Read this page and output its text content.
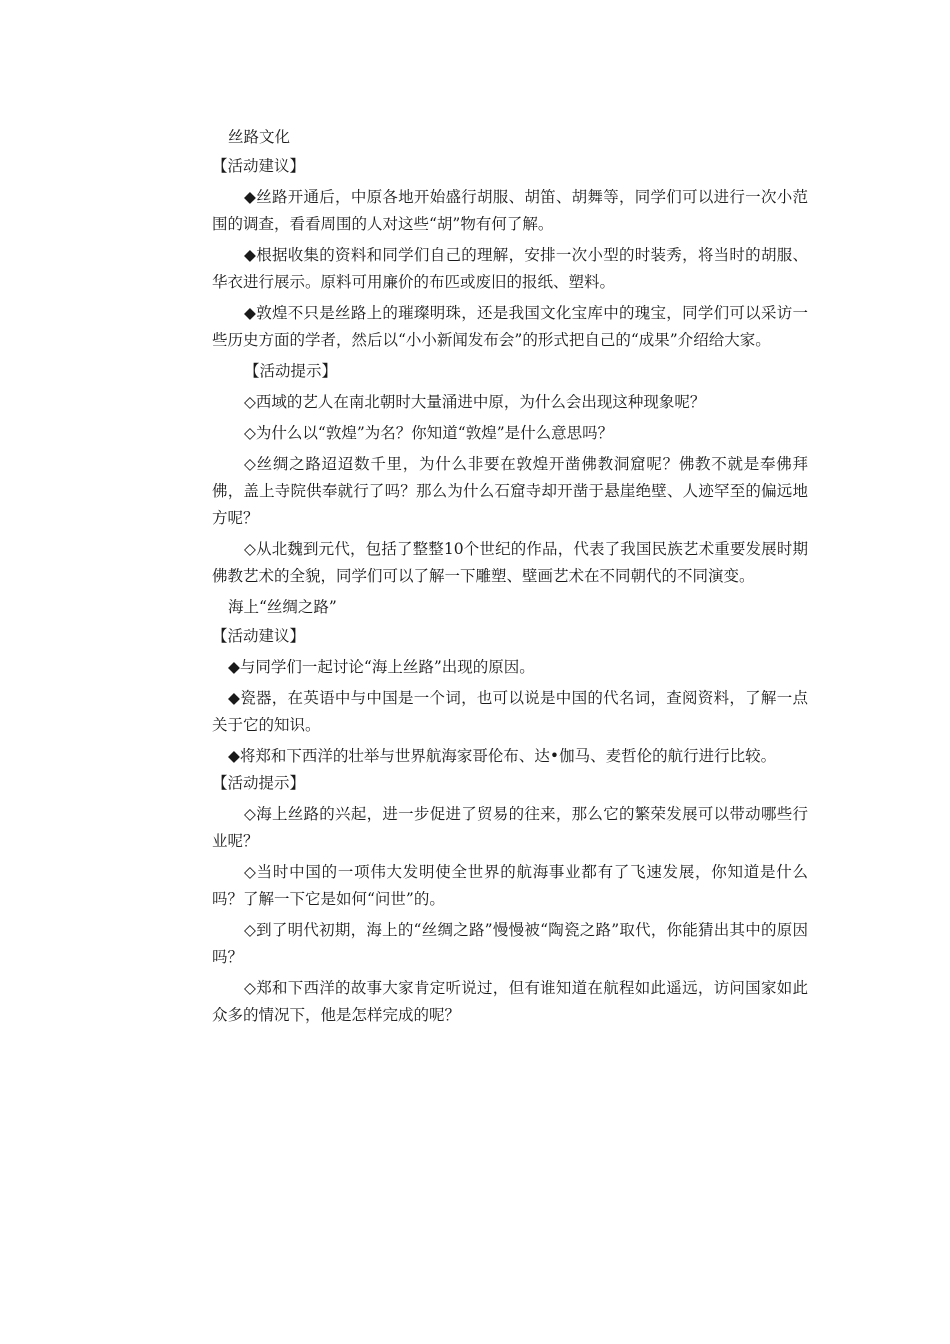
丝路文化

【活动建议】

◆丝路开通后，中原各地开始盛行胡服、胡笛、胡舞等，同学们可以进行一次小范围的调查，看看周围的人对这些“胡”物有何了解。

◆根据收集的资料和同学们自己的理解，安排一次小型的时装秀，将当时的胡服、华衣进行展示。原料可用廉价的布匹或废旧的报纸、塑料。

◆敦煌不只是丝路上的璀璨明珠，还是我国文化宝库中的瑰宝，同学们可以采访一些历史方面的学者，然后以“小小新闻发布会”的形式把自己的“成果”介绍给大家。

【活动提示】

◇西域的艺人在南北朝时大量涌进中原，为什么会出现这种现象呢？

◇为什么以“敦煌”为名？你知道“敦煌”是什么意思吗？

◇丝绸之路迢迢数千里，为什么非要在敦煌开凿佛教洞窟呢？佛教不就是奉佛拜佛，盖上寺院供奉就行了吗？那么为什么石窟寺却开凿于悬崖绝壁、人迹罕至的偏远地方呢？

◇从北魏到元代，包括了整整10个世纪的作品，代表了我国民族艺术重要发展时期佛教艺术的全貌，同学们可以了解一下雕塑、壁画艺术在不同朝代的不同演变。

海上“丝绸之路”

【活动建议】

◆与同学们一起讨论“海上丝路”出现的原因。

◆瓷器，在英语中与中国是一个词，也可以说是中国的代名词，查阅资料，了解一点关于它的知识。

◆将郑和下西洋的壮举与世界航海家哥伦布、达•伽马、麦哲伦的航行进行比较。

【活动提示】

◇海上丝路的兴起，进一步促进了贸易的往来，那么它的繁荣发展可以带动哪些行业呢？

◇当时中国的一项伟大发明使全世界的航海事业都有了飞速发展，你知道是什么吗？了解一下它是如何“问世”的。

◇到了明代初期，海上的“丝绸之路”慢慢被“陶瓷之路”取代，你能猜出其中的原因吗？

◇郑和下西洋的故事大家肯定听说过，但有谁知道在航程如此遥远，访问国家如此众多的情况下，他是怎样完成的呢？
